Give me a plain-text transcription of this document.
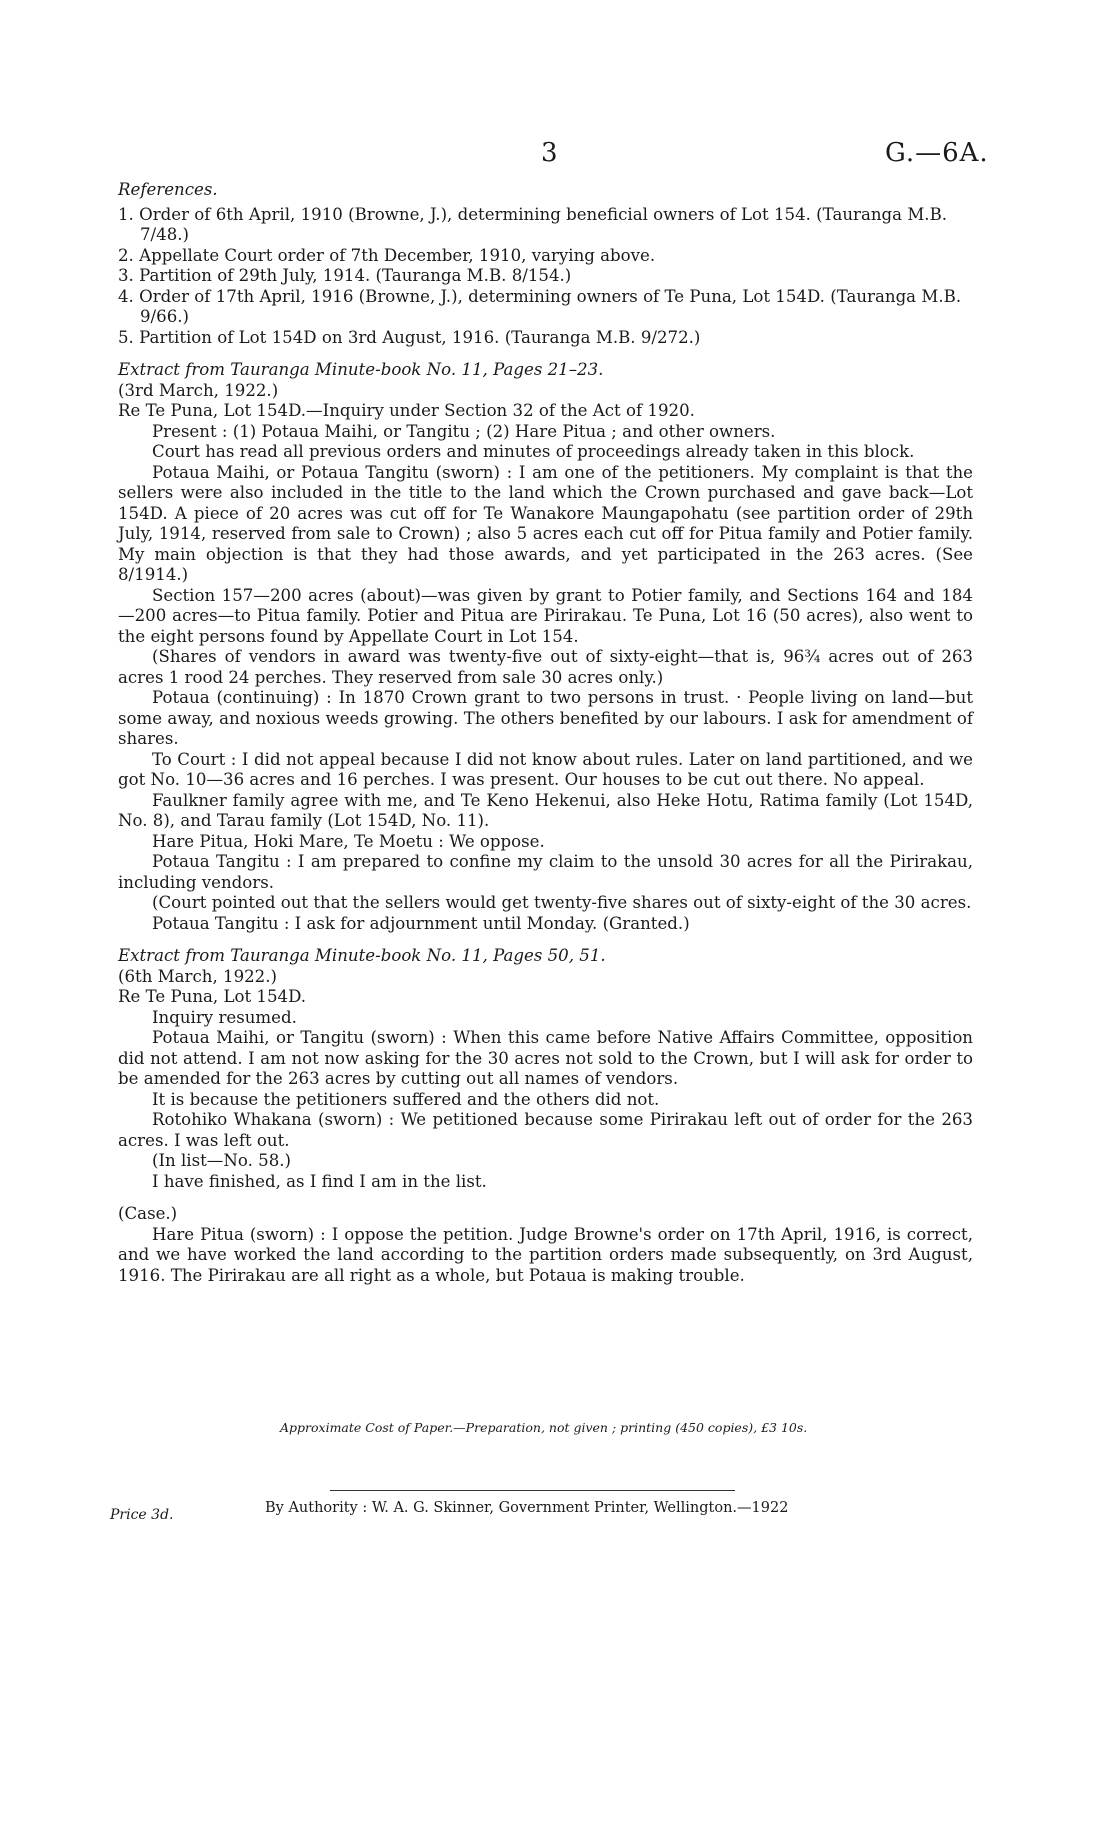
3	G.—6A.

References.

1. Order of 6th April, 1910 (Browne, J.), determining beneficial owners of Lot 154. (Tauranga M.B. 7/48.)

2. Appellate Court order of 7th December, 1910, varying above.

3. Partition of 29th July, 1914. (Tauranga M.B. 8/154.)

4. Order of 17th April, 1916 (Browne, J.), determining owners of Te Puna, Lot 154D. (Tauranga M.B. 9/66.)

5. Partition of Lot 154D on 3rd August, 1916. (Tauranga M.B. 9/272.)

Extract from Tauranga Minute-book No. 11, Pages 21–23.

(3rd March, 1922.)

Re Te Puna, Lot 154D.—Inquiry under Section 32 of the Act of 1920.

Present : (1) Potaua Maihi, or Tangitu ; (2) Hare Pitua ; and other owners.

Court has read all previous orders and minutes of proceedings already taken in this block.

Potaua Maihi, or Potaua Tangitu (sworn) : I am one of the petitioners. My complaint is that the sellers were also included in the title to the land which the Crown purchased and gave back—Lot 154D. A piece of 20 acres was cut off for Te Wanakore Maungapohatu (see partition order of 29th July, 1914, reserved from sale to Crown) ; also 5 acres each cut off for Pitua family and Potier family. My main objection is that they had those awards, and yet participated in the 263 acres. (See 8/1914.)

Section 157—200 acres (about)—was given by grant to Potier family, and Sections 164 and 184 —200 acres—to Pitua family. Potier and Pitua are Pirirakau. Te Puna, Lot 16 (50 acres), also went to the eight persons found by Appellate Court in Lot 154.

(Shares of vendors in award was twenty-five out of sixty-eight—that is, 96¾ acres out of 263 acres 1 rood 24 perches. They reserved from sale 30 acres only.)

Potaua (continuing) : In 1870 Crown grant to two persons in trust. · People living on land—but some away, and noxious weeds growing. The others benefited by our labours. I ask for amendment of shares.

To Court : I did not appeal because I did not know about rules. Later on land partitioned, and we got No. 10—36 acres and 16 perches. I was present. Our houses to be cut out there. No appeal.

Faulkner family agree with me, and Te Keno Hekenui, also Heke Hotu, Ratima family (Lot 154D, No. 8), and Tarau family (Lot 154D, No. 11).

Hare Pitua, Hoki Mare, Te Moetu : We oppose.

Potaua Tangitu : I am prepared to confine my claim to the unsold 30 acres for all the Pirirakau, including vendors.

(Court pointed out that the sellers would get twenty-five shares out of sixty-eight of the 30 acres.

Potaua Tangitu : I ask for adjournment until Monday. (Granted.)

Extract from Tauranga Minute-book No. 11, Pages 50, 51.

(6th March, 1922.)

Re Te Puna, Lot 154D.

Inquiry resumed.

Potaua Maihi, or Tangitu (sworn) : When this came before Native Affairs Committee, opposition did not attend. I am not now asking for the 30 acres not sold to the Crown, but I will ask for order to be amended for the 263 acres by cutting out all names of vendors.

It is because the petitioners suffered and the others did not.

Rotohiko Whakana (sworn) : We petitioned because some Pirirakau left out of order for the 263 acres. I was left out.

(In list—No. 58.)

I have finished, as I find I am in the list.

(Case.)

Hare Pitua (sworn) : I oppose the petition. Judge Browne's order on 17th April, 1916, is correct, and we have worked the land according to the partition orders made subsequently, on 3rd August, 1916. The Pirirakau are all right as a whole, but Potaua is making trouble.

Approximate Cost of Paper.—Preparation, not given ; printing (450 copies), £3 10s.
Price 3d.	By Authority : W. A. G. Skinner, Government Printer, Wellington.—1922
